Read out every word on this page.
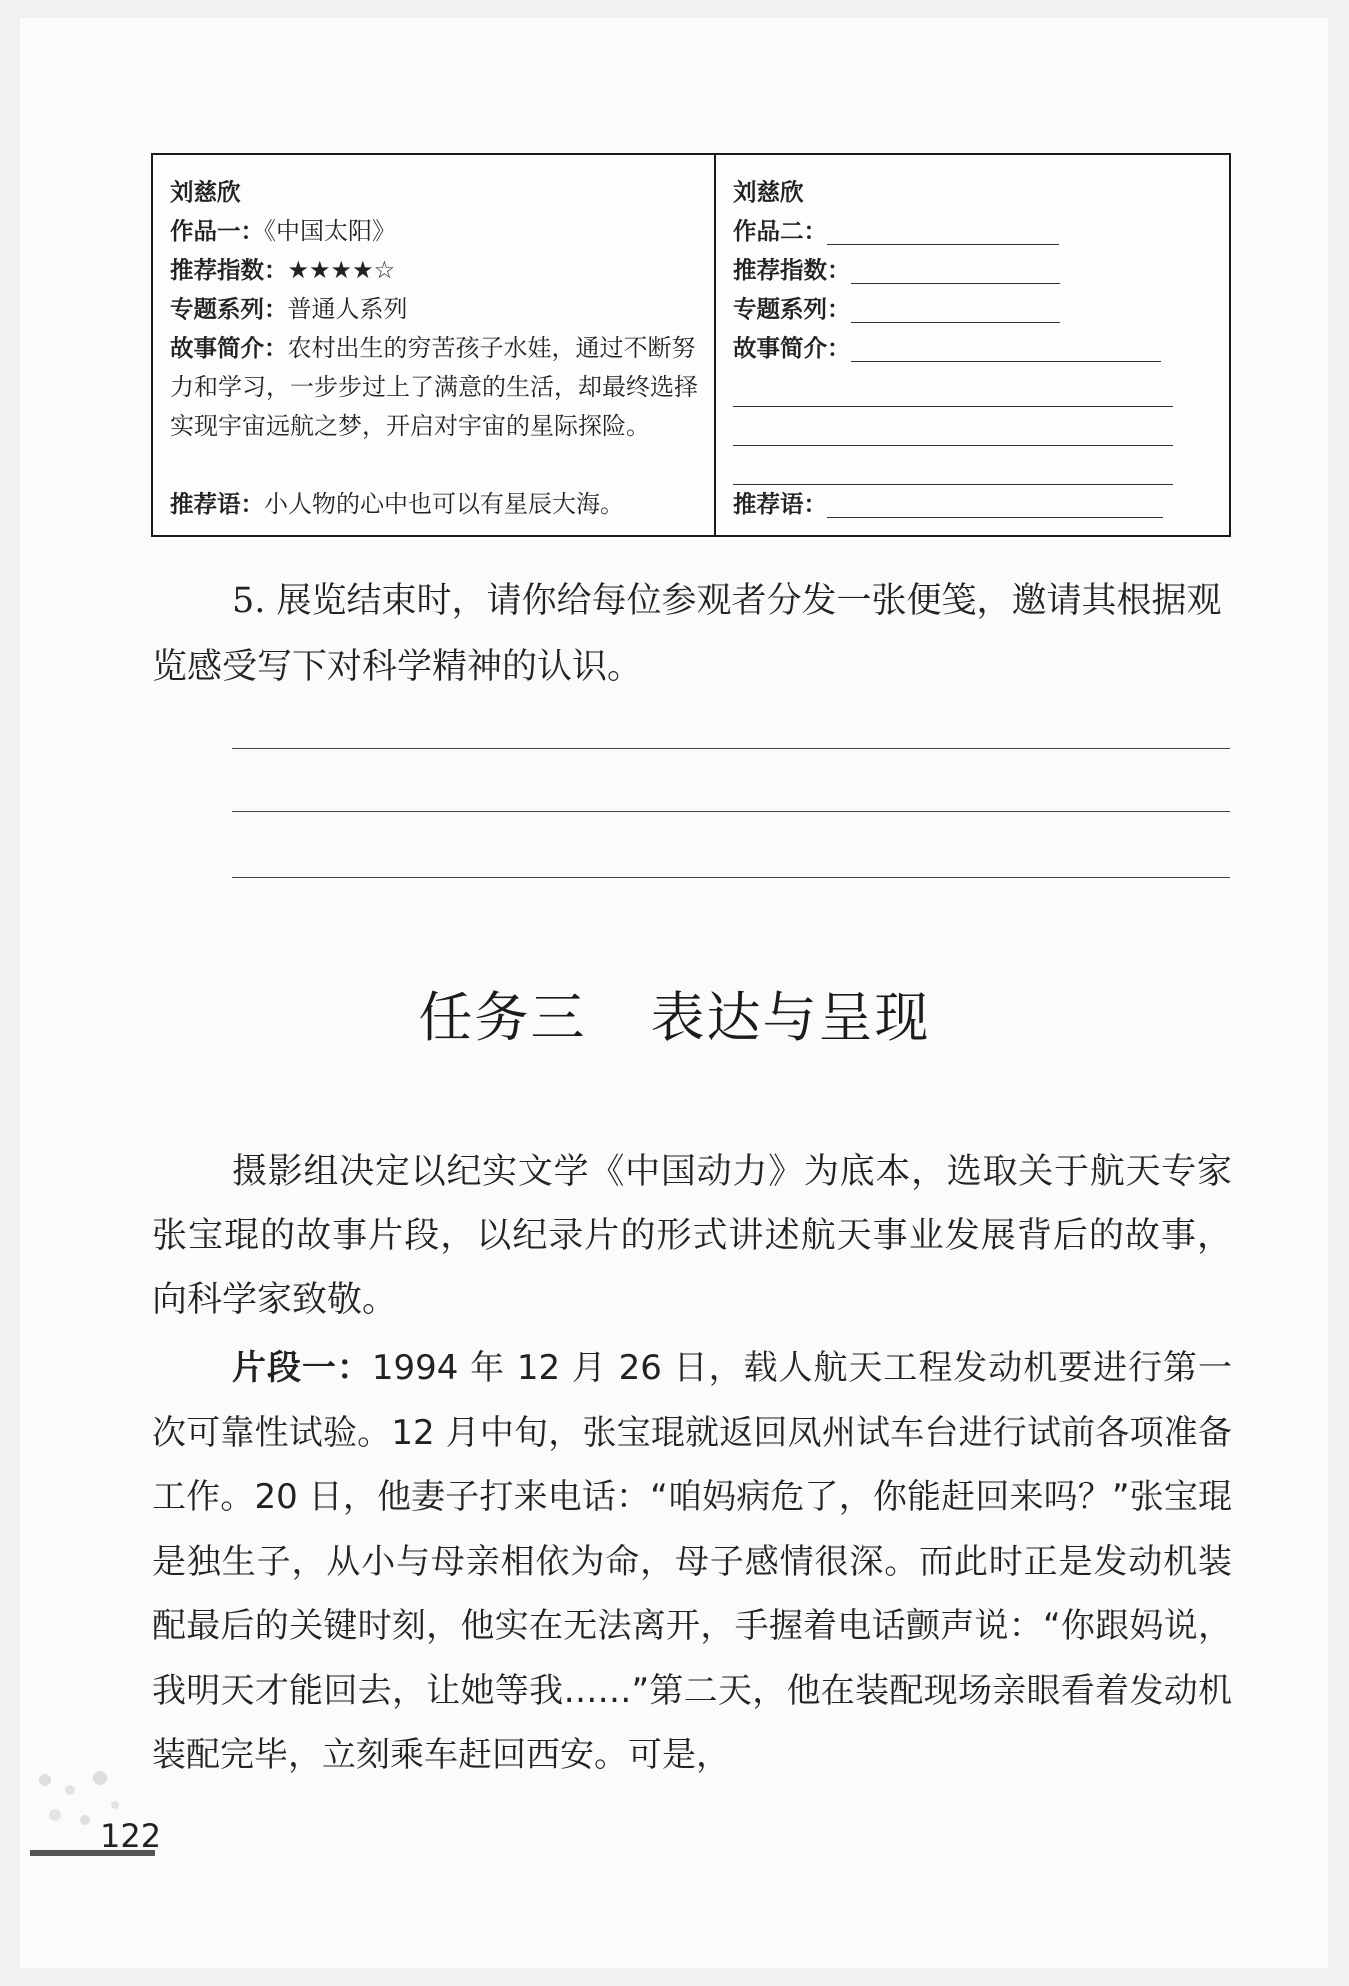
刘慈欣
作品一：《中国太阳》
推荐指数：★★★★☆
专题系列：普通人系列
故事简介：农村出生的穷苦孩子水娃，通过不断努力和学习，一步步过上了满意的生活，却最终选择实现宇宙远航之梦，开启对宇宙的星际探险。
推荐语：小人物的心中也可以有星辰大海。
刘慈欣
作品二：
推荐指数：
专题系列：
故事简介：
推荐语：
5. 展览结束时，请你给每位参观者分发一张便笺，邀请其根据观览感受写下对科学精神的认识。
任务三 表达与呈现

摄影组决定以纪实文学《中国动力》为底本，选取关于航天专家张宝琨的故事片段，以纪录片的形式讲述航天事业发展背后的故事，向科学家致敬。

片段一：1994 年 12 月 26 日，载人航天工程发动机要进行第一次可靠性试验。12 月中旬，张宝琨就返回凤州试车台进行试前各项准备工作。20 日，他妻子打来电话：“咱妈病危了，你能赶回来吗？”张宝琨是独生子，从小与母亲相依为命，母子感情很深。而此时正是发动机装配最后的关键时刻，他实在无法离开，手握着电话颤声说：“你跟妈说，我明天才能回去，让她等我……”第二天，他在装配现场亲眼看着发动机装配完毕，立刻乘车赶回西安。可是，

122
